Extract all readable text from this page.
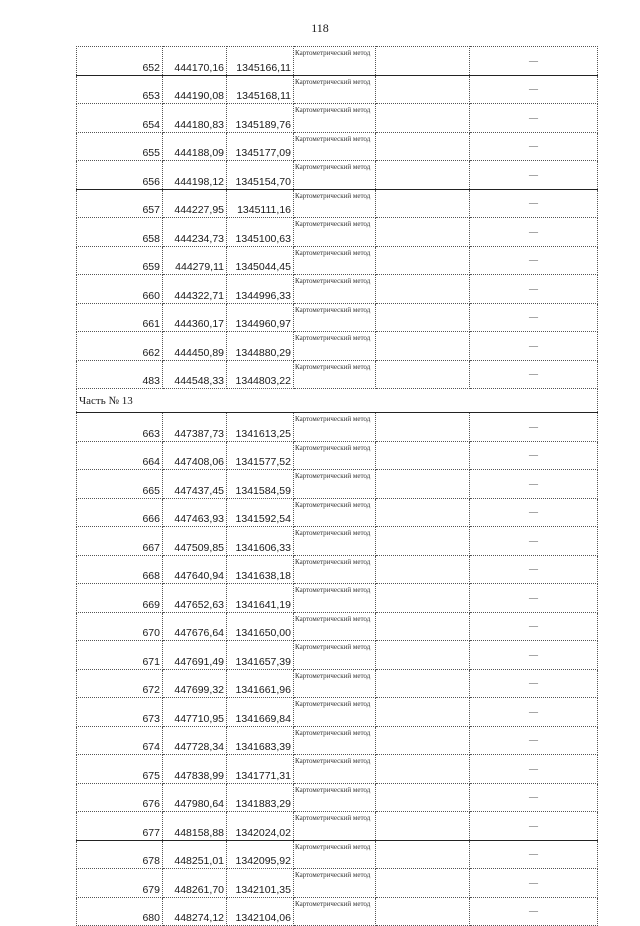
118
652	444170,16	1345166,11	Картометрический метод		—
653	444190,08	1345168,11	Картометрический метод		—
654	444180,83	1345189,76	Картометрический метод		—
655	444188,09	1345177,09	Картометрический метод		—
656	444198,12	1345154,70	Картометрический метод		—
657	444227,95	1345111,16	Картометрический метод		—
658	444234,73	1345100,63	Картометрический метод		—
659	444279,11	1345044,45	Картометрический метод		—
660	444322,71	1344996,33	Картометрический метод		—
661	444360,17	1344960,97	Картометрический метод		—
662	444450,89	1344880,29	Картометрический метод		—
483	444548,33	1344803,22	Картометрический метод		—
Часть № 13					
663	447387,73	1341613,25	Картометрический метод		—
664	447408,06	1341577,52	Картометрический метод		—
665	447437,45	1341584,59	Картометрический метод		—
666	447463,93	1341592,54	Картометрический метод		—
667	447509,85	1341606,33	Картометрический метод		—
668	447640,94	1341638,18	Картометрический метод		—
669	447652,63	1341641,19	Картометрический метод		—
670	447676,64	1341650,00	Картометрический метод		—
671	447691,49	1341657,39	Картометрический метод		—
672	447699,32	1341661,96	Картометрический метод		—
673	447710,95	1341669,84	Картометрический метод		—
674	447728,34	1341683,39	Картометрический метод		—
675	447838,99	1341771,31	Картометрический метод		—
676	447980,64	1341883,29	Картометрический метод		—
677	448158,88	1342024,02	Картометрический метод		—
678	448251,01	1342095,92	Картометрический метод		—
679	448261,70	1342101,35	Картометрический метод		—
680	448274,12	1342104,06	Картометрический метод		—
